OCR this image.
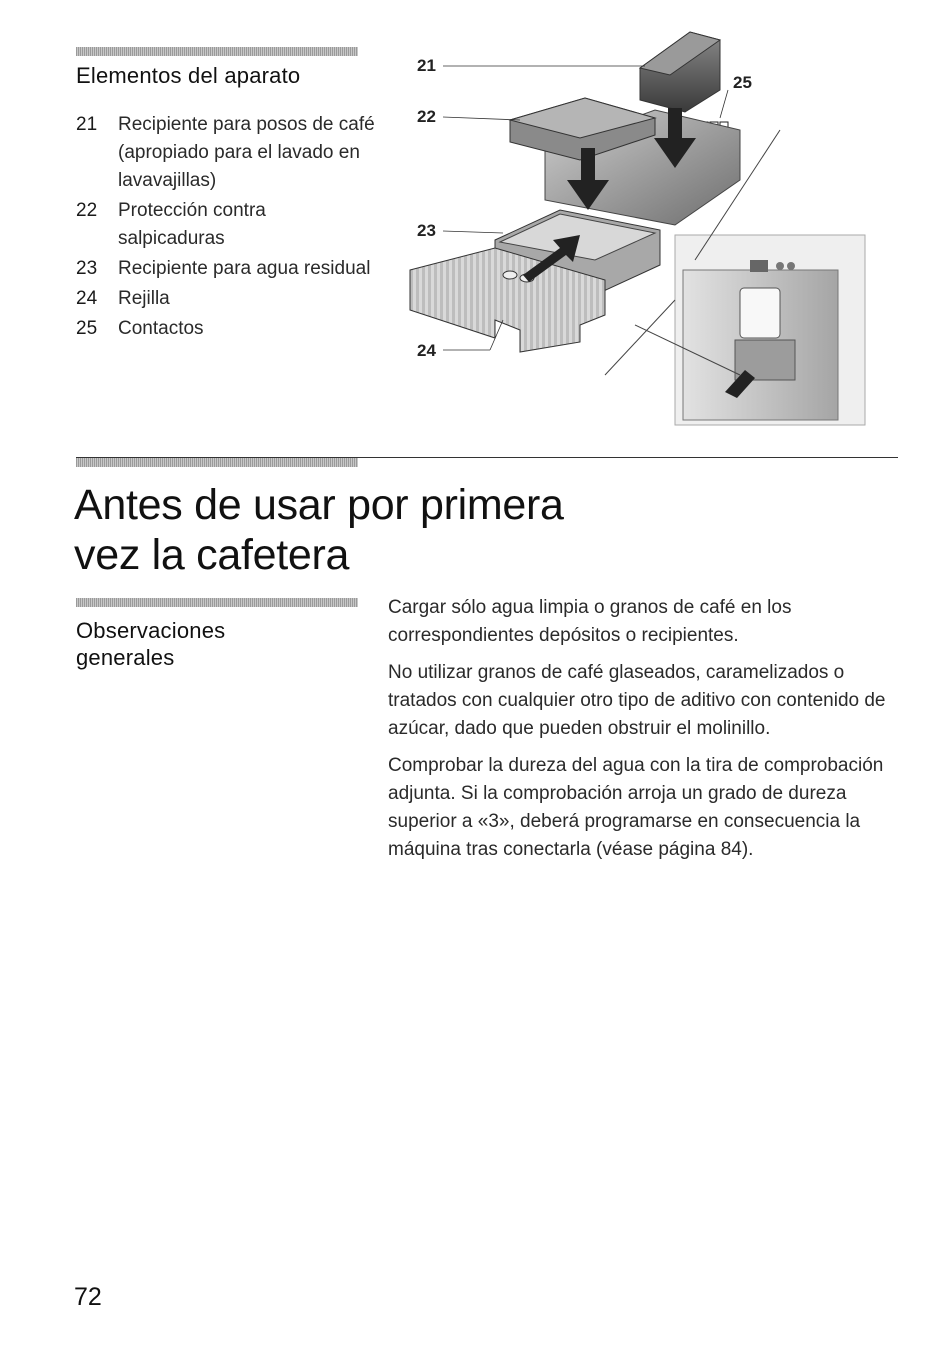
Elementos del aparato
21	Recipiente para posos de café (apropiado para el lavado en lavavajillas)
22	Protección contra salpicaduras
23	Recipiente para agua residual
24	Rejilla
25	Contactos
21
22
23
24
25
Antes de usar por primera
vez la cafetera
Observaciones
generales

Cargar sólo agua limpia o granos de café en los correspondientes depósitos o recipientes.

No utilizar granos de café glaseados, caramelizados o tratados con cualquier otro tipo de aditivo con contenido de azúcar, dado que pueden obstruir el molinillo.

Comprobar la dureza del agua con la tira de comprobación adjunta. Si la comprobación arroja un grado de dureza superior a «3», deberá programarse en consecuencia la máquina tras conectarla (véase página 84).

72
